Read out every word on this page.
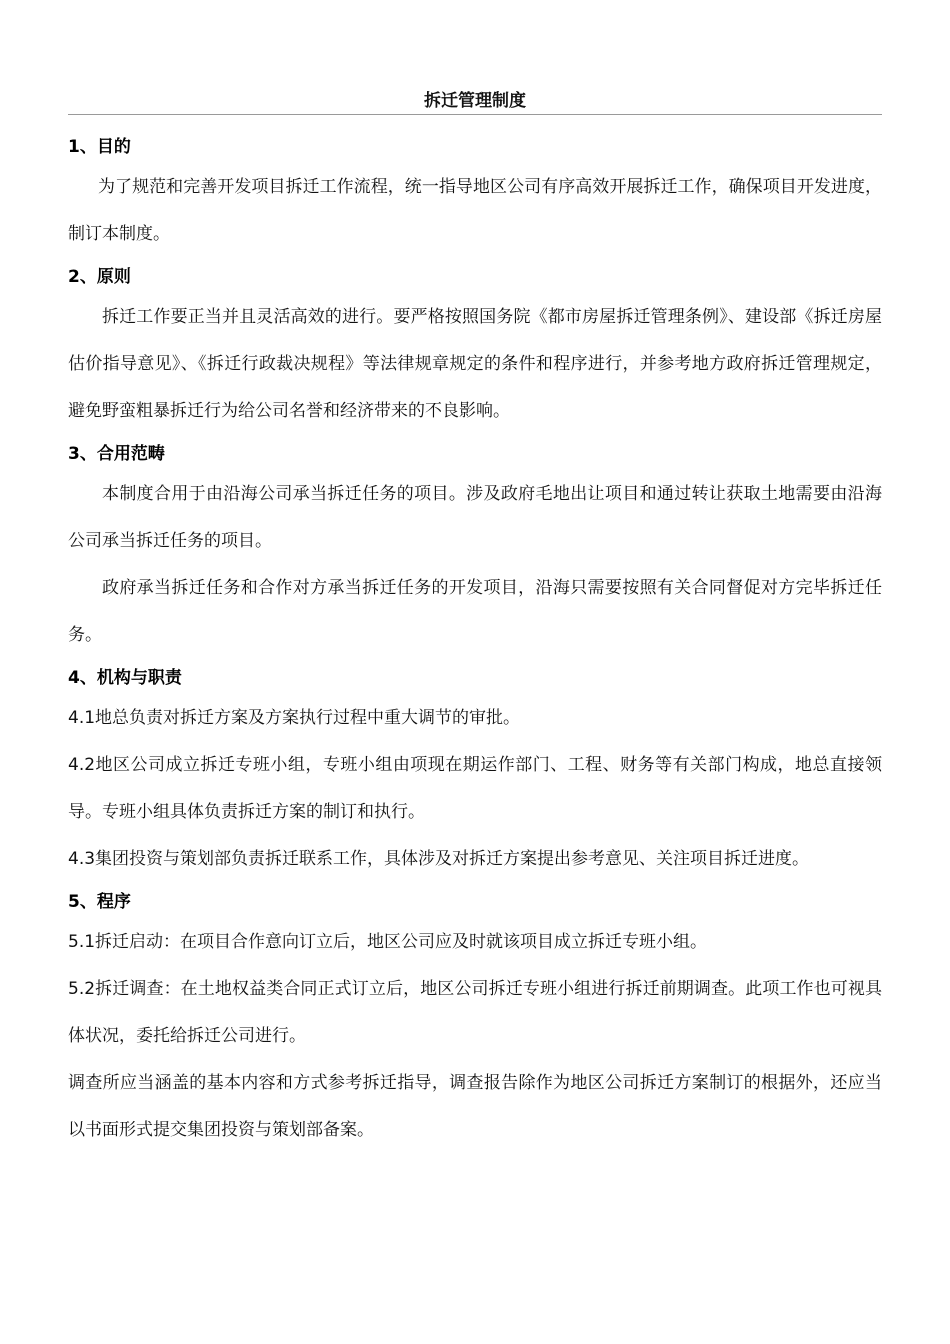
拆迁管理制度
1、目的

为了规范和完善开发项目拆迁工作流程，统一指导地区公司有序高效开展拆迁工作，确保项目开发进度，制订本制度。

2、原则

拆迁工作要正当并且灵活高效的进行。要严格按照国务院《都市房屋拆迁管理条例》、建设部《拆迁房屋估价指导意见》、《拆迁行政裁决规程》等法律规章规定的条件和程序进行，并参考地方政府拆迁管理规定，避免野蛮粗暴拆迁行为给公司名誉和经济带来的不良影响。

3、合用范畴

本制度合用于由沿海公司承当拆迁任务的项目。涉及政府毛地出让项目和通过转让获取土地需要由沿海公司承当拆迁任务的项目。

政府承当拆迁任务和合作对方承当拆迁任务的开发项目，沿海只需要按照有关合同督促对方完毕拆迁任务。

4、机构与职责

4.1地总负责对拆迁方案及方案执行过程中重大调节的审批。

4.2地区公司成立拆迁专班小组，专班小组由项现在期运作部门、工程、财务等有关部门构成，地总直接领导。专班小组具体负责拆迁方案的制订和执行。

4.3集团投资与策划部负责拆迁联系工作，具体涉及对拆迁方案提出参考意见、关注项目拆迁进度。

5、程序

5.1拆迁启动：在项目合作意向订立后，地区公司应及时就该项目成立拆迁专班小组。

5.2拆迁调查：在土地权益类合同正式订立后，地区公司拆迁专班小组进行拆迁前期调查。此项工作也可视具体状况，委托给拆迁公司进行。

调查所应当涵盖的基本内容和方式参考拆迁指导，调查报告除作为地区公司拆迁方案制订的根据外，还应当以书面形式提交集团投资与策划部备案。
